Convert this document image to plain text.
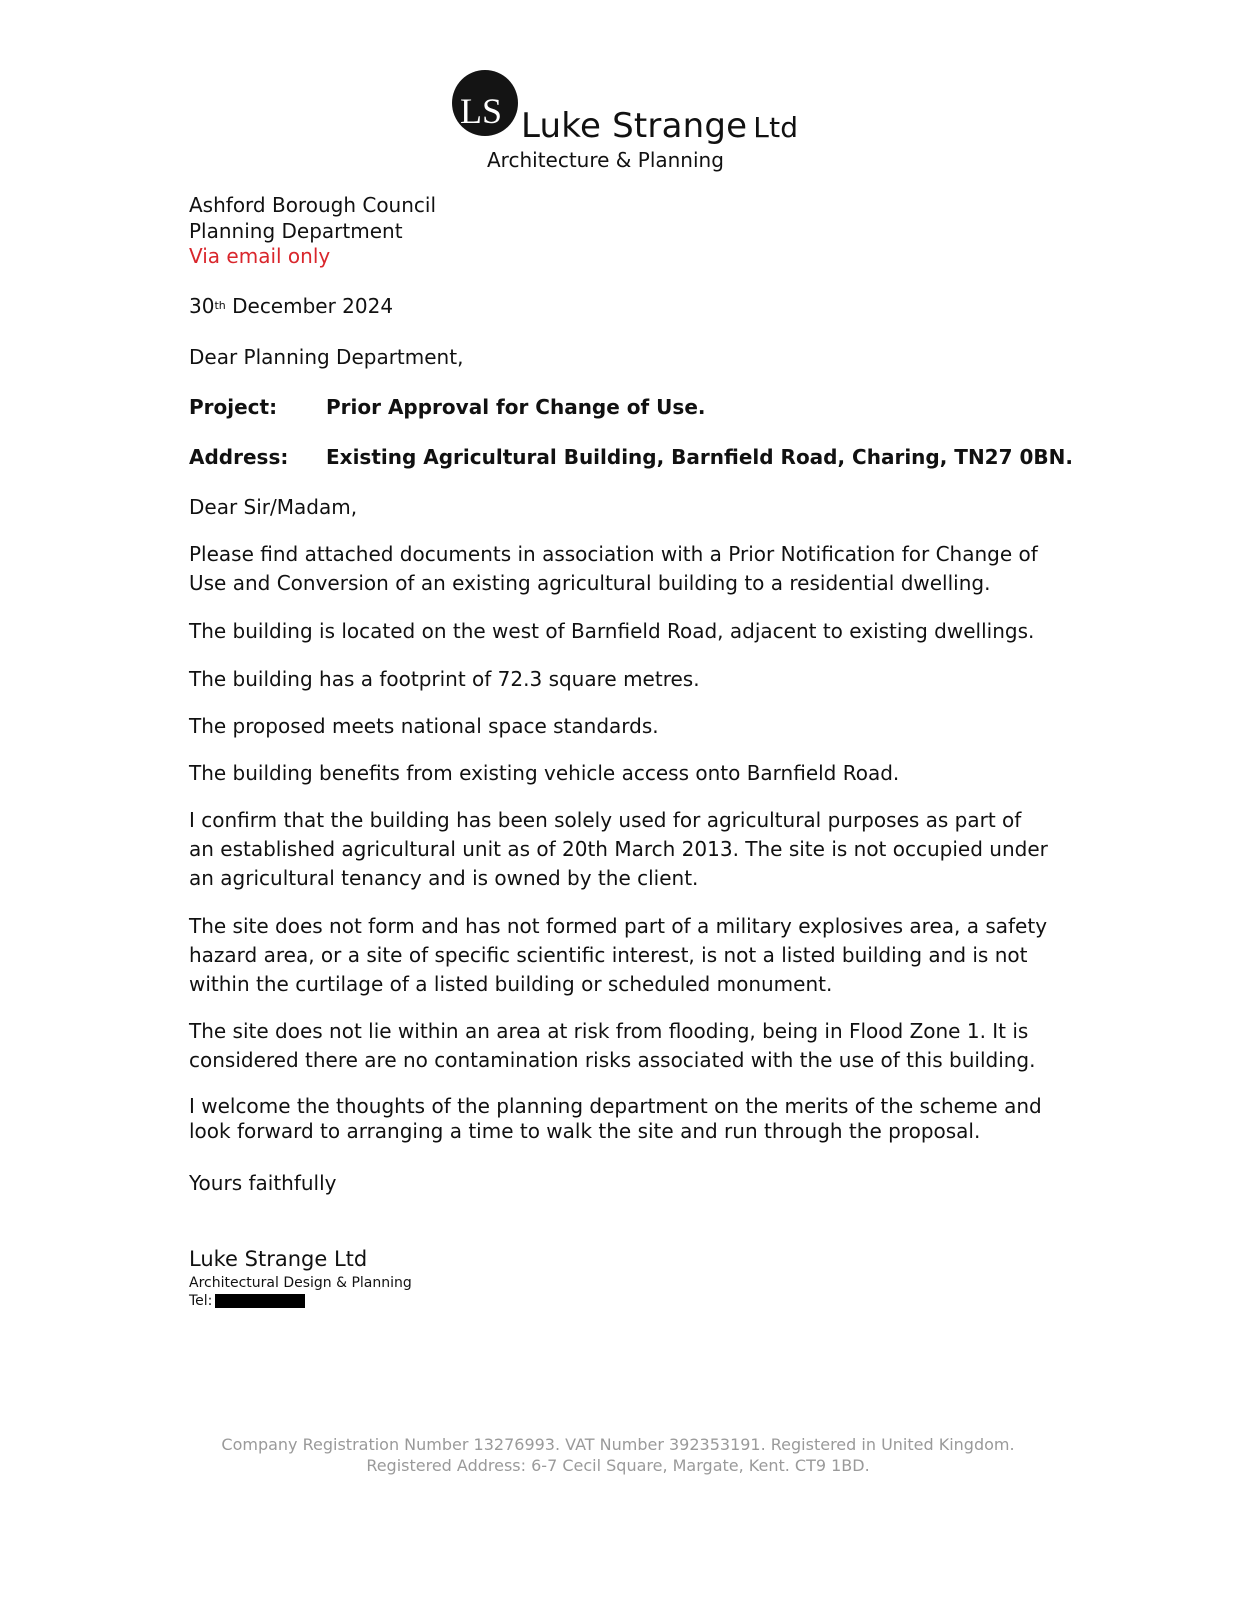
LS Luke Strange Ltd
Architecture & Planning
Ashford Borough Council
Planning Department
Via email only
30th December 2024
Dear Planning Department,
Project: Prior Approval for Change of Use.
Address: Existing Agricultural Building, Barnfield Road, Charing, TN27 0BN.
Dear Sir/Madam,
Please find attached documents in association with a Prior Notification for Change of Use and Conversion of an existing agricultural building to a residential dwelling.
The building is located on the west of Barnfield Road, adjacent to existing dwellings.
The building has a footprint of 72.3 square metres.
The proposed meets national space standards.
The building benefits from existing vehicle access onto Barnfield Road.
I confirm that the building has been solely used for agricultural purposes as part of an established agricultural unit as of 20th March 2013. The site is not occupied under an agricultural tenancy and is owned by the client.
The site does not form and has not formed part of a military explosives area, a safety hazard area, or a site of specific scientific interest, is not a listed building and is not within the curtilage of a listed building or scheduled monument.
The site does not lie within an area at risk from flooding, being in Flood Zone 1. It is considered there are no contamination risks associated with the use of this building.
I welcome the thoughts of the planning department on the merits of the scheme and look forward to arranging a time to walk the site and run through the proposal.
Yours faithfully
Luke Strange Ltd
Architectural Design & Planning
Tel:
Company Registration Number 13276993. VAT Number 392353191. Registered in United Kingdom.
Registered Address: 6-7 Cecil Square, Margate, Kent. CT9 1BD.
